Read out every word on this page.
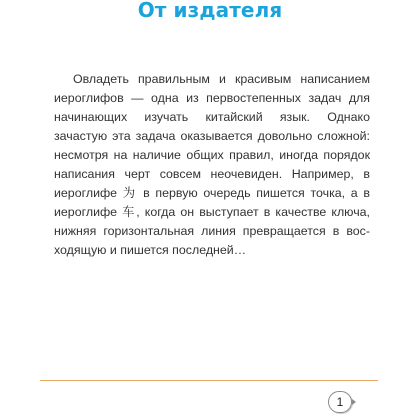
От издателя

Овладеть правильным и красивым написанием иероглифов — одна из первостепенных задач для начинающих изучать китайский язык. Однако зачастую эта задача оказывается довольно сложной: несмотря на наличие общих правил, иногда порядок написания черт совсем неочевиден. Например, в иероглифе 为 в первую очередь пишется точка, а в иероглифе 车, когда он выступает в качестве ключа, нижняя горизонтальная линия превращается в восходящую и пишется последней…

1
